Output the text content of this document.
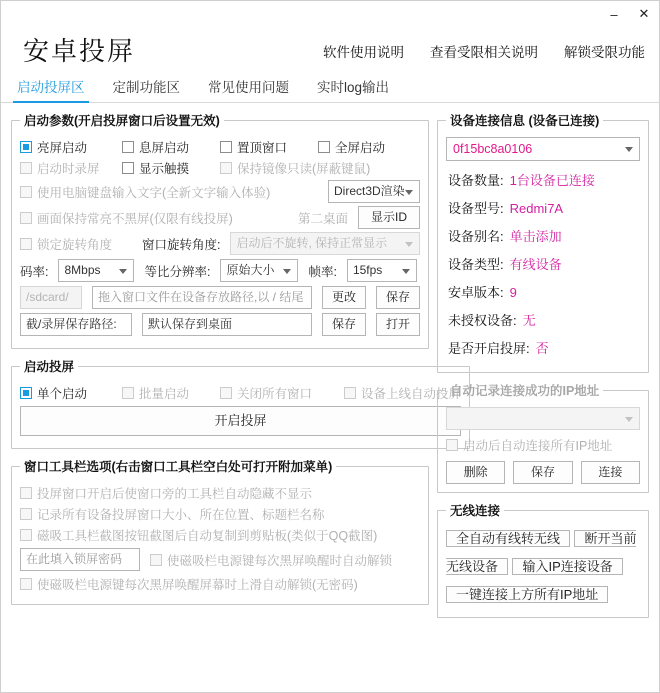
–	✕
安卓投屏	软件使用说明 查看受限相关说明 解锁受限功能
启动投屏区 定制功能区 常见使用问题 实时log输出
启动参数(开启投屏窗口后设置无效)
亮屏启动	息屏启动	置顶窗口	全屏启动
启动时录屏	显示触摸	保持镜像只读(屏蔽键鼠)
使用电脑键盘输入文字(全新文字输入体验)	Direct3D渲染
画面保持常亮不黑屏(仅限有线投屏)	第二桌面	显示ID
锁定旋转角度 窗口旋转角度:	启动后不旋转, 保持正常显示
码率:	8Mbps	等比分辨率:	原始大小	帧率:	15fps
/sdcard/	拖入窗口文件在设备存放路径,以 / 结尾	更改	保存
截/录屏保存路径:	默认保存到桌面	保存	打开
启动投屏
单个启动	批量启动	关闭所有窗口	设备上线自动投屏
开启投屏
窗口工具栏选项(右击窗口工具栏空白处可打开附加菜单)
投屏窗口开启后使窗口旁的工具栏自动隐藏不显示
记录所有设备投屏窗口大小、所在位置、标题栏名称
磁吸工具栏截图按钮截图后自动复制到剪贴板(类似于QQ截图)
在此填入锁屏密码	使磁吸栏电源键每次黑屏唤醒时自动解锁
使磁吸栏电源键每次黑屏唤醒屏幕时上滑自动解锁(无密码)
设备连接信息 (设备已连接)
0f15bc8a0106
设备数量: 1台设备已连接
设备型号: Redmi7A
设备别名: 单击添加
设备类型: 有线设备
安卓版本: 9
未授权设备: 无
是否开启投屏: 否
自动记录连接成功的IP地址
启动后自动连接所有IP地址
删除	保存	连接
无线连接
全自动有线转无线 断开当前无线设备 输入IP连接设备 一键连接上方所有IP地址
